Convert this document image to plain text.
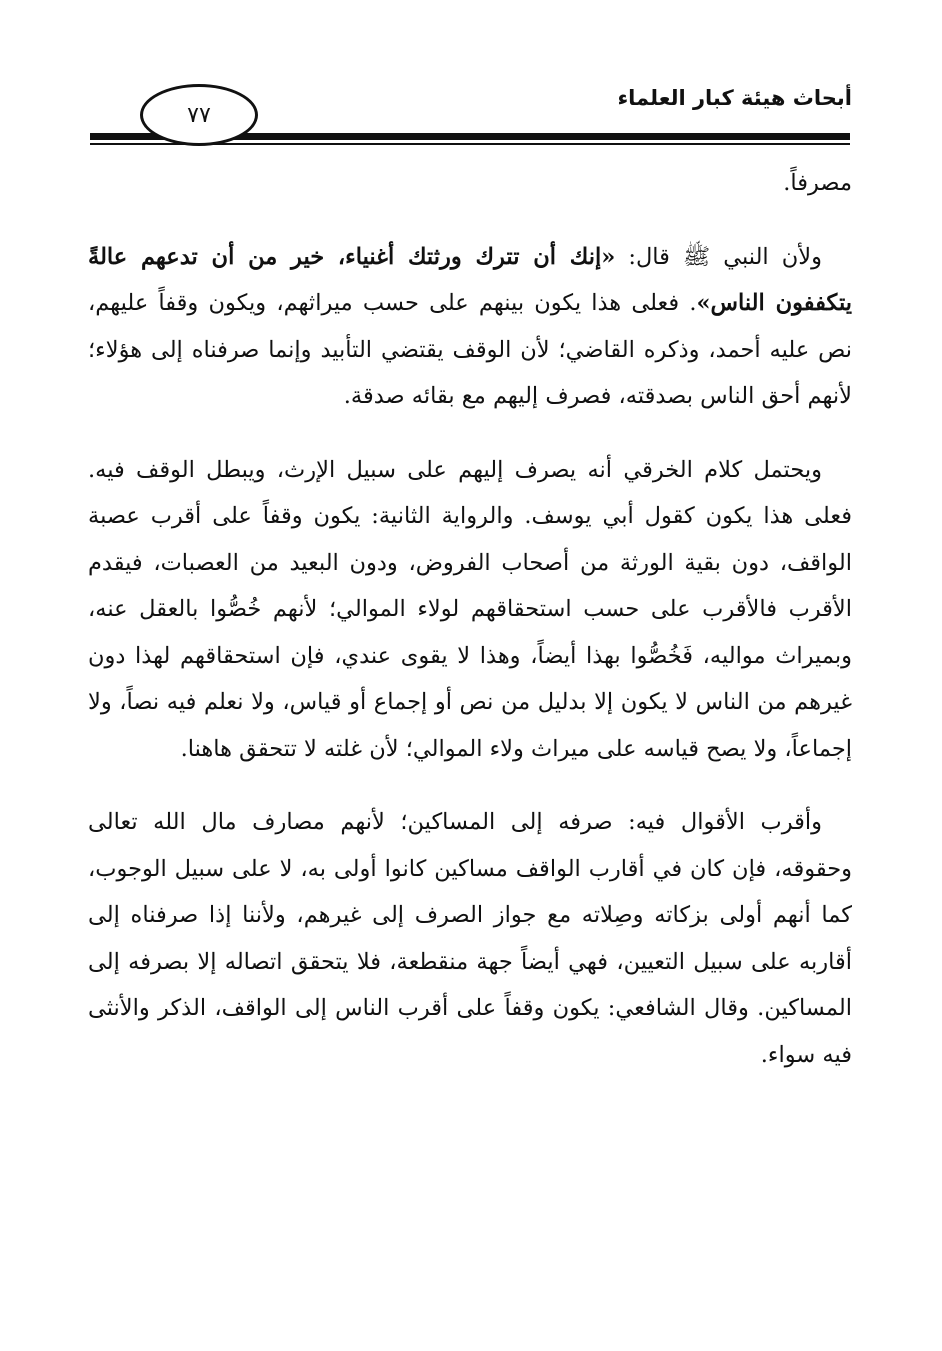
أبحاث هيئة كبار العلماء
٧٧

مصرفاً.

ولأن النبي ﷺ قال: «إنك أن تترك ورثتك أغنياء، خير من أن تدعهم عالةً يتكففون الناس». فعلى هذا يكون بينهم على حسب ميراثهم، ويكون وقفاً عليهم، نص عليه أحمد، وذكره القاضي؛ لأن الوقف يقتضي التأبيد وإنما صرفناه إلى هؤلاء؛ لأنهم أحق الناس بصدقته، فصرف إليهم مع بقائه صدقة.

ويحتمل كلام الخرقي أنه يصرف إليهم على سبيل الإرث، ويبطل الوقف فيه. فعلى هذا يكون كقول أبي يوسف. والرواية الثانية: يكون وقفاً على أقرب عصبة الواقف، دون بقية الورثة من أصحاب الفروض، ودون البعيد من العصبات، فيقدم الأقرب فالأقرب على حسب استحقاقهم لولاء الموالي؛ لأنهم خُصُّوا بالعقل عنه، وبميراث مواليه، فَخُصُّوا بهذا أيضاً، وهذا لا يقوى عندي، فإن استحقاقهم لهذا دون غيرهم من الناس لا يكون إلا بدليل من نص أو إجماع أو قياس، ولا نعلم فيه نصاً، ولا إجماعاً، ولا يصح قياسه على ميراث ولاء الموالي؛ لأن غلته لا تتحقق هاهنا.

وأقرب الأقوال فيه: صرفه إلى المساكين؛ لأنهم مصارف مال الله تعالى وحقوقه، فإن كان في أقارب الواقف مساكين كانوا أولى به، لا على سبيل الوجوب، كما أنهم أولى بزكاته وصِلاته مع جواز الصرف إلى غيرهم، ولأننا إذا صرفناه إلى أقاربه على سبيل التعيين، فهي أيضاً جهة منقطعة، فلا يتحقق اتصاله إلا بصرفه إلى المساكين. وقال الشافعي: يكون وقفاً على أقرب الناس إلى الواقف، الذكر والأنثى فيه سواء.
